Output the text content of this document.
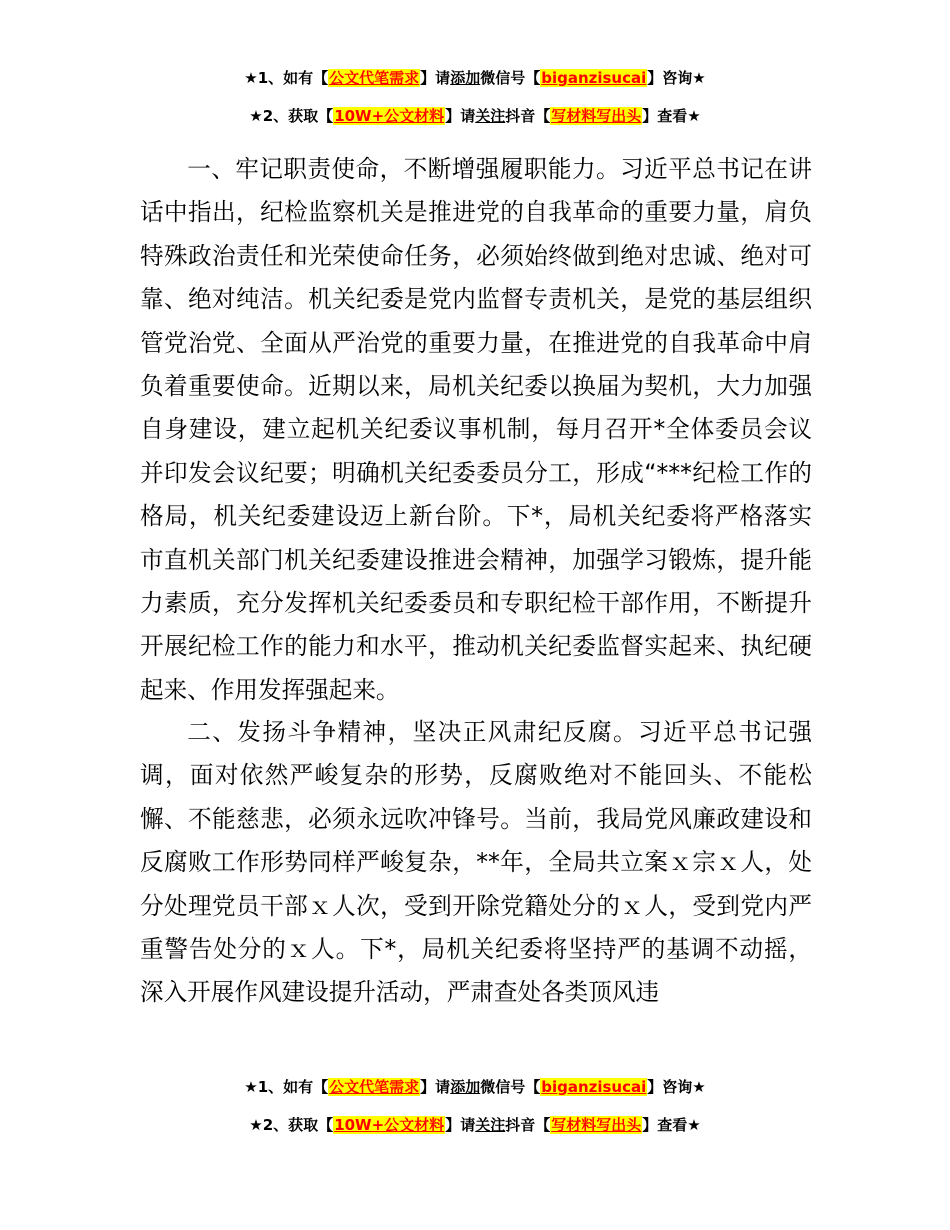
★1、如有【公文代笔需求】请添加微信号【biganzisucai】咨询★
★2、获取【10W+公文材料】请关注抖音【写材料写出头】查看★

一、牢记职责使命，不断增强履职能力。习近平总书记在讲话中指出，纪检监察机关是推进党的自我革命的重要力量，肩负特殊政治责任和光荣使命任务，必须始终做到绝对忠诚、绝对可靠、绝对纯洁。机关纪委是党内监督专责机关，是党的基层组织管党治党、全面从严治党的重要力量，在推进党的自我革命中肩负着重要使命。近期以来，局机关纪委以换届为契机，大力加强自身建设，建立起机关纪委议事机制，每月召开*全体委员会议并印发会议纪要；明确机关纪委委员分工，形成“***纪检工作的格局，机关纪委建设迈上新台阶。下*，局机关纪委将严格落实市直机关部门机关纪委建设推进会精神，加强学习锻炼，提升能力素质，充分发挥机关纪委委员和专职纪检干部作用，不断提升开展纪检工作的能力和水平，推动机关纪委监督实起来、执纪硬起来、作用发挥强起来。

二、发扬斗争精神，坚决正风肃纪反腐。习近平总书记强调，面对依然严峻复杂的形势，反腐败绝对不能回头、不能松懈、不能慈悲，必须永远吹冲锋号。当前，我局党风廉政建设和反腐败工作形势同样严峻复杂，**年，全局共立案ｘ宗ｘ人，处分处理党员干部ｘ人次，受到开除党籍处分的ｘ人，受到党内严重警告处分的ｘ人。下*，局机关纪委将坚持严的基调不动摇，深入开展作风建设提升活动，严肃查处各类顶风违

★1、如有【公文代笔需求】请添加微信号【biganzisucai】咨询★
★2、获取【10W+公文材料】请关注抖音【写材料写出头】查看★
